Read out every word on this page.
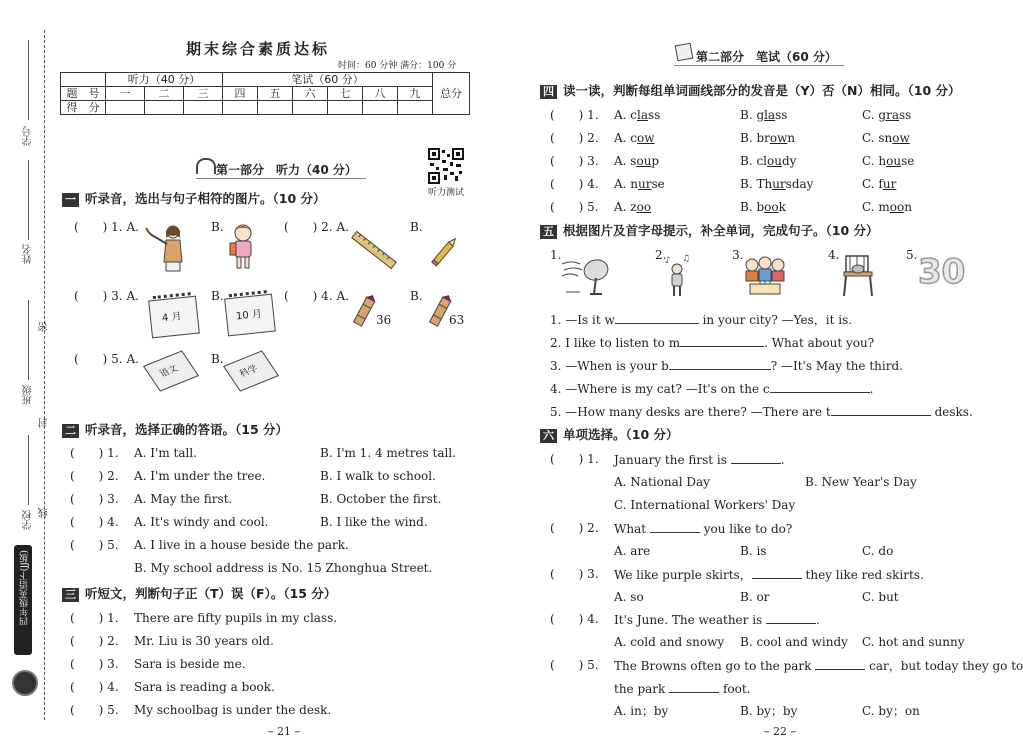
学号
姓名
密
班级
封
学校 线
四年级英语下(JJ版)
期末综合素质达标
时间：60 分钟 满分：100 分
	听力（40 分）			笔试（60 分）						总分
题　号	一	二	三	四	五	六	七	八	九	
得　分										
第一部分　听力（40 分）
听力测试
一 听录音，选出与句子相符的图片。（10 分）
(　　) 1. A.	B.	(　　) 2. A.	B.
(　　) 3. A.	B.	(　　) 4. A.	B.
4 月	10 月	36	63
(　　) 5. A.	B.
语文	科学
二 听录音，选择正确的答语。（15 分）
(　　) 1. A. I'm tall.	B. I'm 1. 4 metres tall.
(　　) 2. A. I'm under the tree.	B. I walk to school.
(　　) 3. A. May the first.	B. October the first.
(　　) 4. A. It's windy and cool.	B. I like the wind.
(　　) 5. A. I live in a house beside the park.
B. My school address is No. 15 Zhonghua Street.
三 听短文，判断句子正（T）误（F）。（15 分）
(　　) 1. There are fifty pupils in my class.
(　　) 2. Mr. Liu is 30 years old.
(　　) 3. Sara is beside me.
(　　) 4. Sara is reading a book.
(　　) 5. My schoolbag is under the desk.
– 21 –
第二部分　笔试（60 分）
四 读一读，判断每组单词画线部分的发音是（Y）否（N）相同。（10 分）
(　　) 1. A. class	B. glass	C. grass
(　　) 2. A. cow	B. brown	C. snow
(　　) 3. A. soup	B. cloudy	C. house
(　　) 4. A. nurse	B. Thursday	C. fur
(　　) 5. A. zoo	B. book	C. moon
五 根据图片及首字母提示，补全单词，完成句子。（10 分）
1.	2.	3.	4.	5.
♪ ♫	30
1. —Is it w	in your city? —Yes，it is.
2. I like to listen to m	. What about you?
3. —When is your b	? —It's May the third.
4. —Where is my cat? —It's on the c	.
5. —How many desks are there? —There are t	desks.
六 单项选择。（10 分）
(　　) 1. January the first is	.
A. National Day	B. New Year's Day
C. International Workers' Day
(　　) 2. What	you like to do?
A. are	B. is	C. do
(　　) 3. We like purple skirts，	they like red skirts.
A. so	B. or	C. but
(　　) 4. It's June. The weather is	.
A. cold and snowy B. cool and windy C. hot and sunny
(　　) 5. The Browns often go to the park	car，but today they go to
the park	foot.
A. in；by	B. by；by	C. by；on
– 22 –
